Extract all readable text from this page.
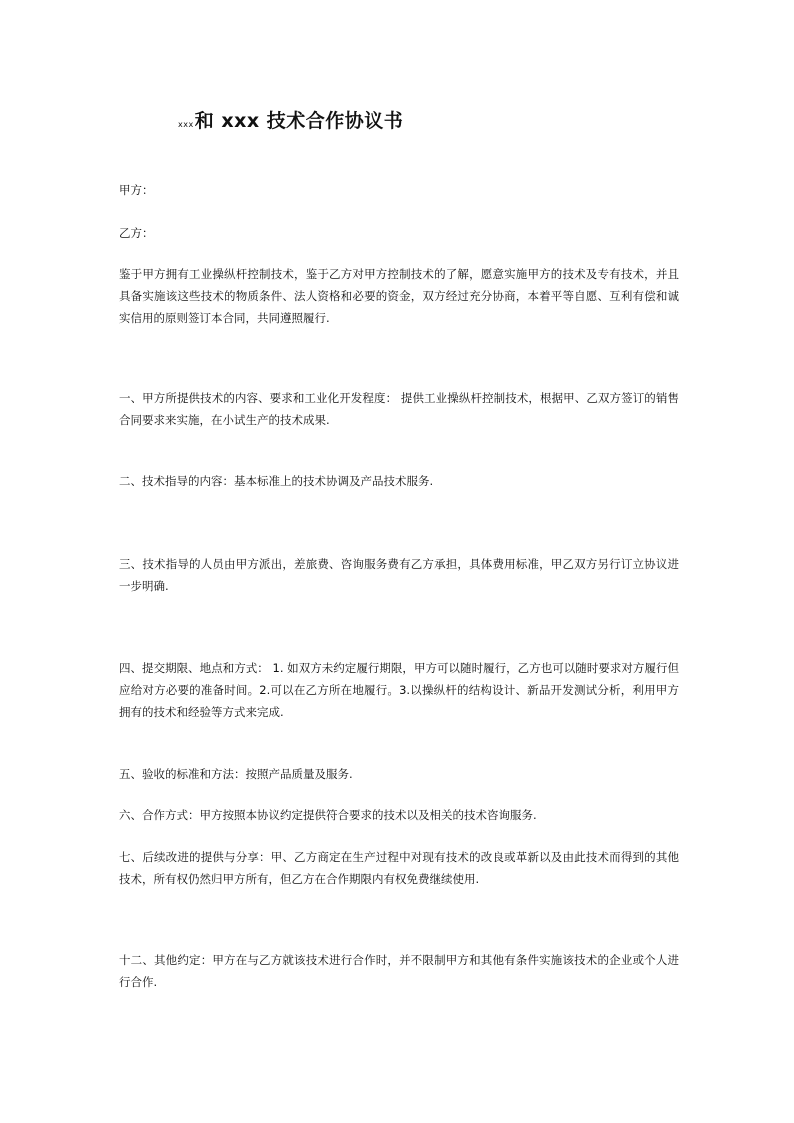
xxx和 xxx 技术合作协议书
甲方：
乙方：
鉴于甲方拥有工业操纵杆控制技术，鉴于乙方对甲方控制技术的了解，愿意实施甲方的技术及专有技术，并且具备实施该这些技术的物质条件、法人资格和必要的资金，双方经过充分协商，本着平等自愿、互利有偿和诚实信用的原则签订本合同，共同遵照履行.
一、甲方所提供技术的内容、要求和工业化开发程度： 提供工业操纵杆控制技术，根据甲、乙双方签订的销售合同要求来实施，在小试生产的技术成果.
二、技术指导的内容：基本标准上的技术协调及产品技术服务.
三、技术指导的人员由甲方派出，差旅费、咨询服务费有乙方承担，具体费用标准，甲乙双方另行订立协议进一步明确.
四、提交期限、地点和方式： 1. 如双方未约定履行期限，甲方可以随时履行，乙方也可以随时要求对方履行但应给对方必要的准备时间。2.可以在乙方所在地履行。3.以操纵杆的结构设计、新品开发测试分析，利用甲方拥有的技术和经验等方式来完成.
五、验收的标准和方法：按照产品质量及服务.
六、合作方式：甲方按照本协议约定提供符合要求的技术以及相关的技术咨询服务.
七、后续改进的提供与分享：甲、乙方商定在生产过程中对现有技术的改良或革新以及由此技术而得到的其他技术，所有权仍然归甲方所有，但乙方在合作期限内有权免费继续使用.
十二、其他约定：甲方在与乙方就该技术进行合作时，并不限制甲方和其他有条件实施该技术的企业或个人进行合作.
